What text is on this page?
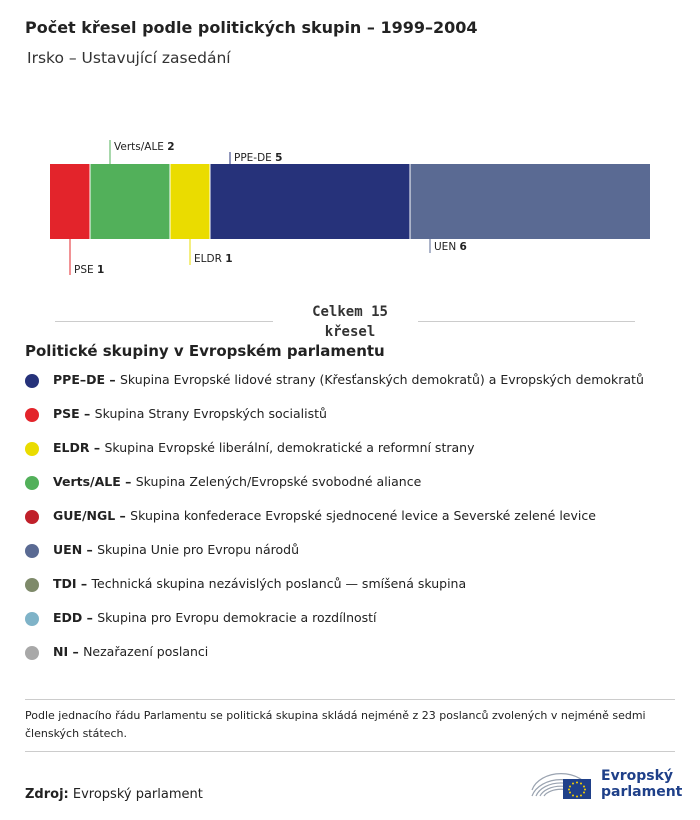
Počet křesel podle politických skupin – 1999–2004
Irsko – Ustavující zasedání
PSE 1
Verts/ALE 2
ELDR 1
PPE-DE 5
UEN 6
Celkem 15
křesel
Politické skupiny v Evropském parlamentu
PPE–DE – Skupina Evropské lidové strany (Křesťanských demokratů) a Evropských demokratů
PSE – Skupina Strany Evropských socialistů
ELDR – Skupina Evropské liberální, demokratické a reformní strany
Verts/ALE – Skupina Zelených/Evropské svobodné aliance
GUE/NGL – Skupina konfederace Evropské sjednocené levice a Severské zelené levice
UEN – Skupina Unie pro Evropu národů
TDI – Technická skupina nezávislých poslanců — smíšená skupina
EDD – Skupina pro Evropu demokracie a rozdílností
NI – Nezařazení poslanci
Podle jednacího řádu Parlamentu se politická skupina skládá nejméně z 23 poslanců zvolených v nejméně sedmi členských státech.
Zdroj: Evropský parlament
Evropský
parlament
